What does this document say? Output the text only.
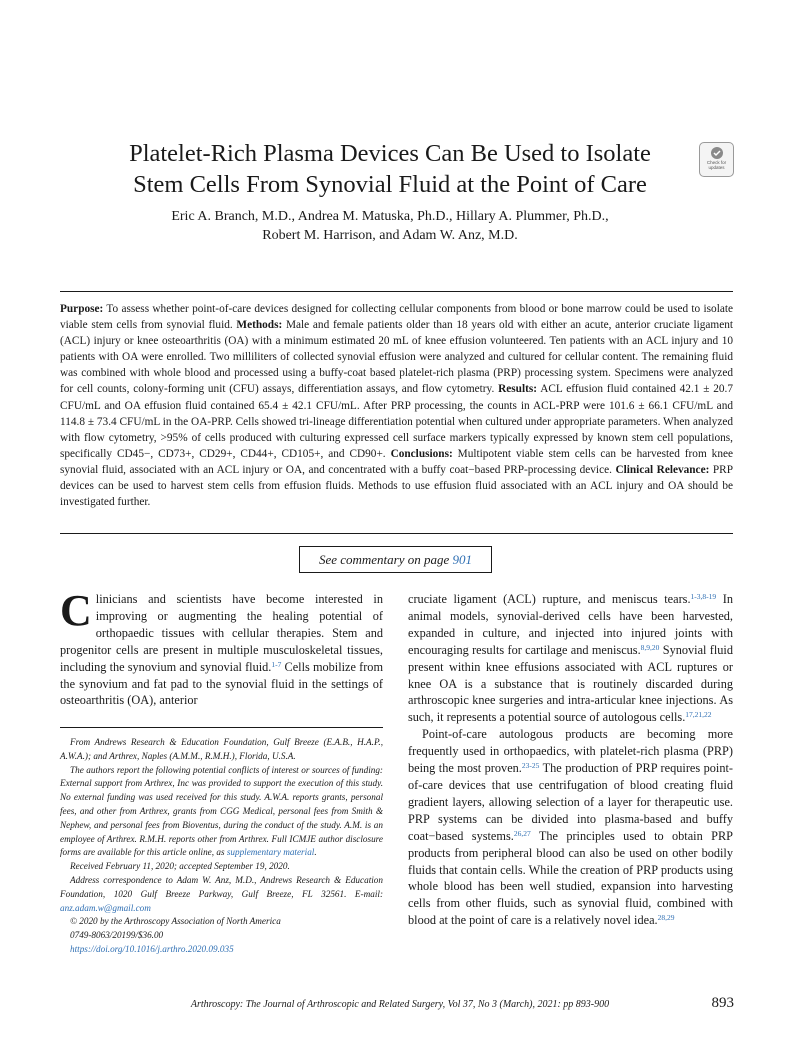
Platelet-Rich Plasma Devices Can Be Used to Isolate
Stem Cells From Synovial Fluid at the Point of Care
Check for
updates
Eric A. Branch, M.D., Andrea M. Matuska, Ph.D., Hillary A. Plummer, Ph.D.,
Robert M. Harrison, and Adam W. Anz, M.D.
Purpose: To assess whether point-of-care devices designed for collecting cellular components from blood or bone marrow could be used to isolate viable stem cells from synovial fluid. Methods: Male and female patients older than 18 years old with either an acute, anterior cruciate ligament (ACL) injury or knee osteoarthritis (OA) with a minimum estimated 20 mL of knee effusion volunteered. Ten patients with an ACL injury and 10 patients with OA were enrolled. Two milliliters of collected synovial effusion were analyzed and cultured for cellular content. The remaining fluid was combined with whole blood and processed using a buffy-coat based platelet-rich plasma (PRP) processing system. Specimens were analyzed for cell counts, colony-forming unit (CFU) assays, differentiation assays, and flow cytometry. Results: ACL effusion fluid contained 42.1 ± 20.7 CFU/mL and OA effusion fluid contained 65.4 ± 42.1 CFU/mL. After PRP processing, the counts in ACL-PRP were 101.6 ± 66.1 CFU/mL and 114.8 ± 73.4 CFU/mL in the OA-PRP. Cells showed tri-lineage differentiation potential when cultured under appropriate parameters. When analyzed with flow cytometry, >95% of cells produced with culturing expressed cell surface markers typically expressed by known stem cell populations, specifically CD45−, CD73+, CD29+, CD44+, CD105+, and CD90+. Conclusions: Multipotent viable stem cells can be harvested from knee synovial fluid, associated with an ACL injury or OA, and concentrated with a buffy coat−based PRP-processing device. Clinical Relevance: PRP devices can be used to harvest stem cells from effusion fluids. Methods to use effusion fluid associated with an ACL injury and OA should be investigated further.
See commentary on page 901

Clinicians and scientists have become interested in improving or augmenting the healing potential of orthopaedic tissues with cellular therapies. Stem and progenitor cells are present in multiple musculoskeletal tissues, including the synovium and synovial fluid.$^{1-7}$ Cells mobilize from the synovium and fat pad to the synovial fluid in the settings of osteoarthritis (OA), anterior

From Andrews Research & Education Foundation, Gulf Breeze (E.A.B., H.A.P., A.W.A.); and Arthrex, Naples (A.M.M., R.M.H.), Florida, U.S.A.

The authors report the following potential conflicts of interest or sources of funding: External support from Arthrex, Inc was provided to support the execution of this study. No external funding was used received for this study. A.W.A. reports grants, personal fees, and other from Arthrex, grants from CGG Medical, personal fees from Smith & Nephew, and personal fees from Bioventus, during the conduct of the study. A.M. is an employee of Arthrex. R.M.H. reports other from Arthrex. Full ICMJE author disclosure forms are available for this article online, as supplementary material.

Received February 11, 2020; accepted September 19, 2020.

Address correspondence to Adam W. Anz, M.D., Andrews Research & Education Foundation, 1020 Gulf Breeze Parkway, Gulf Breeze, FL 32561. E-mail: anz.adam.w@gmail.com

© 2020 by the Arthroscopy Association of North America

0749-8063/20199/$36.00

https://doi.org/10.1016/j.arthro.2020.09.035

cruciate ligament (ACL) rupture, and meniscus tears.$^{1-3,8-19}$ In animal models, synovial-derived cells have been harvested, expanded in culture, and injected into injured joints with encouraging results for cartilage and meniscus.$^{8,9,20}$ Synovial fluid present within knee effusions associated with ACL ruptures or knee OA is a substance that is routinely discarded during arthroscopic knee surgeries and intra-articular knee injections. As such, it represents a potential source of autologous cells.$^{17,21,22}$

Point-of-care autologous products are becoming more frequently used in orthopaedics, with platelet-rich plasma (PRP) being the most proven.$^{23-25}$ The production of PRP requires point-of-care devices that use centrifugation of blood creating fluid gradient layers, allowing selection of a layer for therapeutic use. PRP systems can be divided into plasma-based and buffy coat−based systems.$^{26,27}$ The principles used to obtain PRP products from peripheral blood can also be used on other bodily fluids that contain cells. While the creation of PRP products using whole blood has been well studied, expansion into harvesting cells from other fluids, such as synovial fluid, combined with blood at the point of care is a relatively novel idea.$^{28,29}$

Arthroscopy: The Journal of Arthroscopic and Related Surgery, Vol 37, No 3 (March), 2021: pp 893-900	893
